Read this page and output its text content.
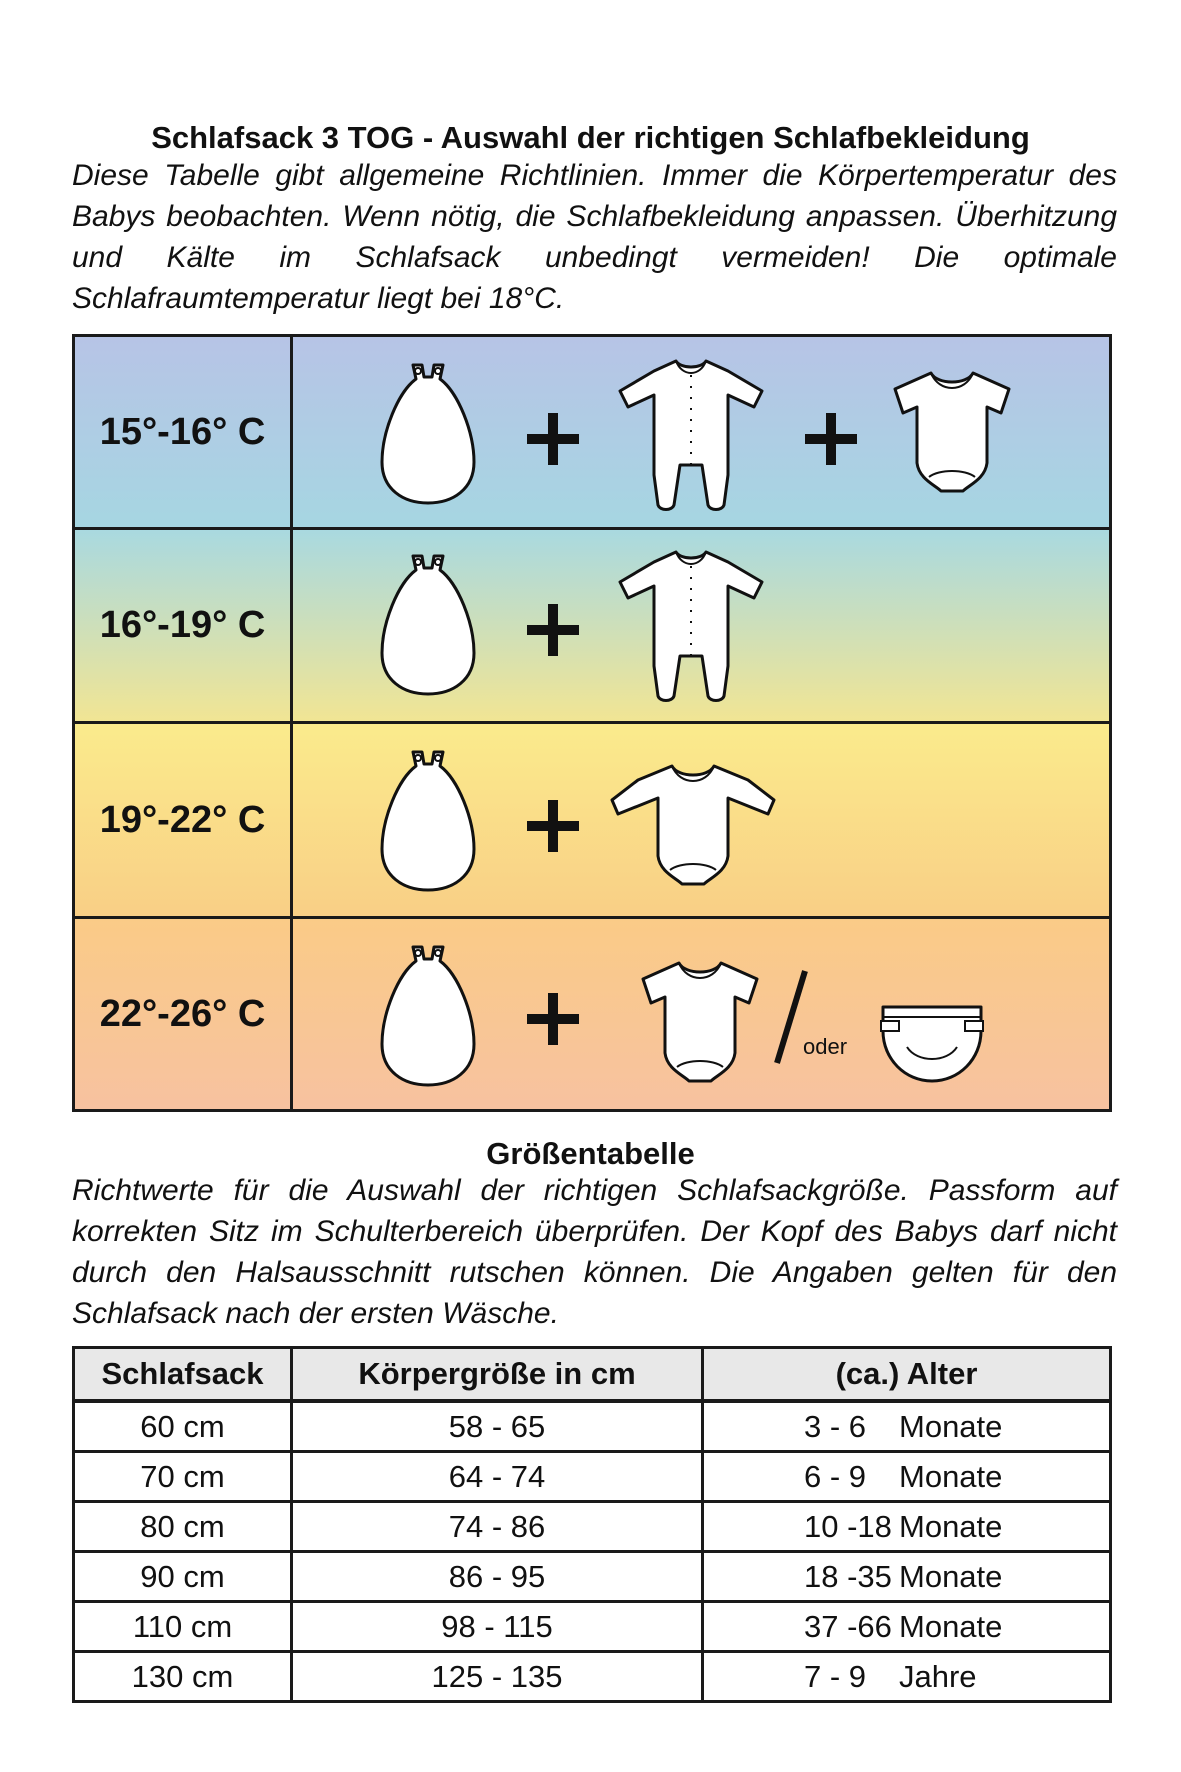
Schlafsack 3 TOG - Auswahl der richtigen Schlafbekleidung
Diese Tabelle gibt allgemeine Richtlinien. Immer die Körpertemperatur des Babys beobachten. Wenn nötig, die Schlafbekleidung anpassen. Überhitzung und Kälte im Schlafsack unbedingt vermeiden! Die optimale Schlafraumtemperatur liegt bei 18°C.
15°-16° C
16°-19° C
19°-22° C
22°-26° C
oder
Größentabelle
Richtwerte für die Auswahl der richtigen Schlafsackgröße. Passform auf korrekten Sitz im Schulterbereich überprüfen. Der Kopf des Babys darf nicht durch den Halsausschnitt rutschen können. Die Angaben gelten für den Schlafsack nach der ersten Wäsche.
Schlafsack	Körpergröße in cm	(ca.) Alter
60 cm	58 - 65	3 - 6 Monate
70 cm	64 - 74	6 - 9 Monate
80 cm	74 - 86	10 -18 Monate
90 cm	86 - 95	18 -35 Monate
110 cm	98 - 115	37 -66 Monate
130 cm	125 - 135	7 - 9 Jahre
